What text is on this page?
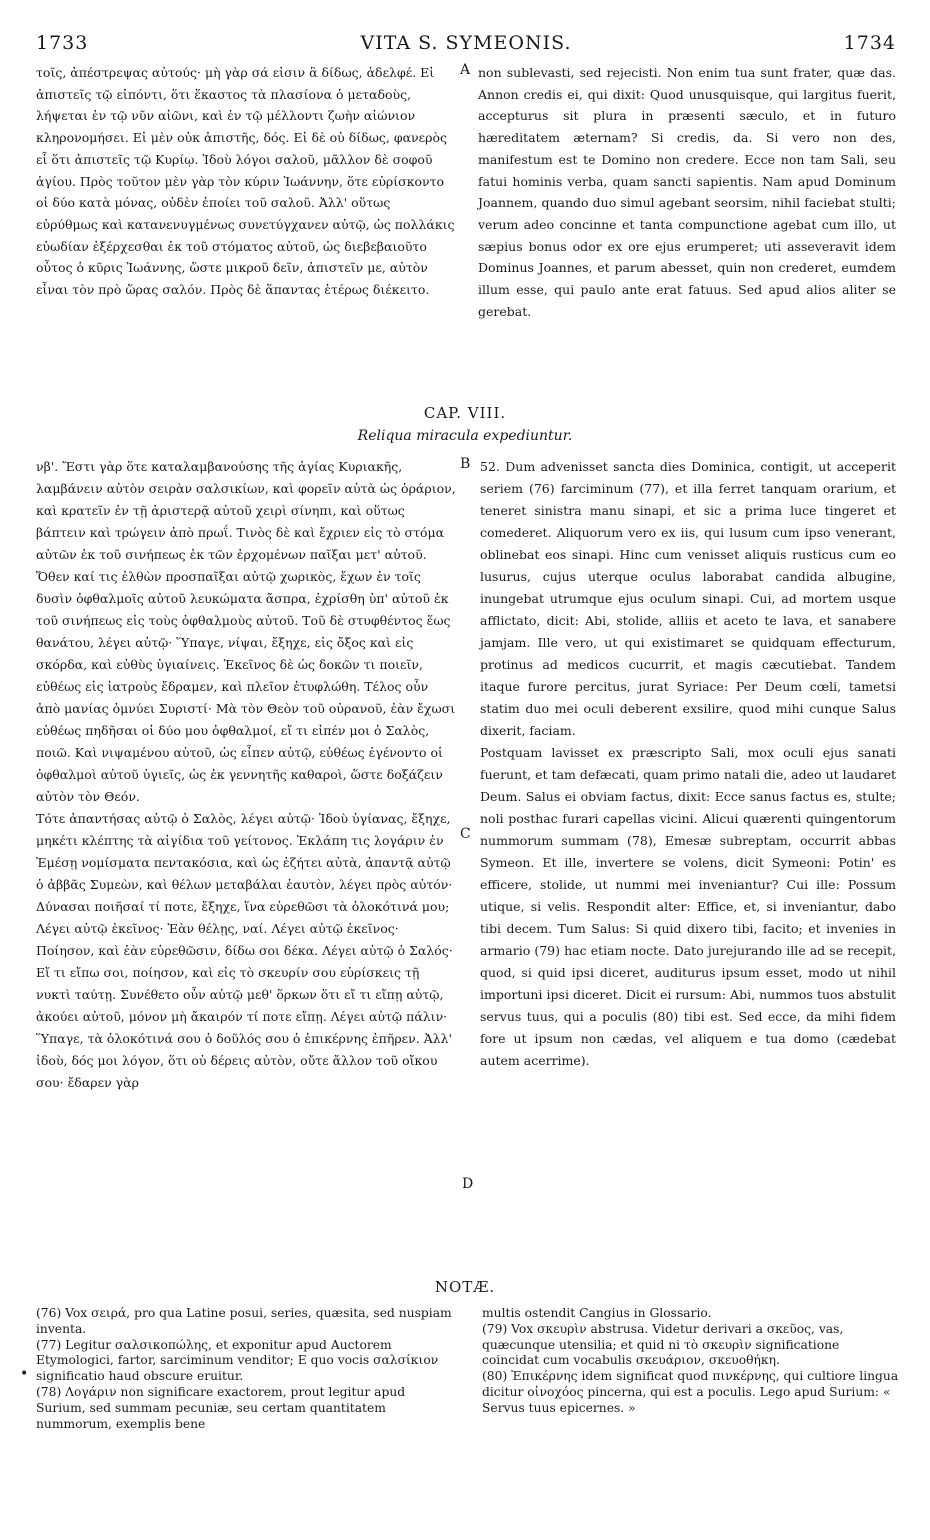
1733	VITA S. SYMEONIS.	1734

τοῖς, ἀπέστρεψας αὐτούς· μὴ γὰρ σά εἰσιν ἃ δίδως, ἀδελφέ. Εἰ ἀπιστεῖς τῷ εἰπόντι, ὅτι ἕκαστος τὰ πλασίονα ὁ μεταδοὺς, λήψεται ἐν τῷ νῦν αἰῶνι, καὶ ἐν τῷ μέλλοντι ζωὴν αἰώνιον κληρονομήσει. Εἰ μὲν οὐκ ἀπιστῆς, δός. Εἰ δὲ οὐ δίδως, φανερὸς εἶ ὅτι ἀπιστεῖς τῷ Κυρίῳ. Ἰδοὺ λόγοι σαλοῦ, μᾶλλον δὲ σοφοῦ ἁγίου. Πρὸς τοῦτον μὲν γὰρ τὸν κύριν Ἰωάννην, ὅτε εὑρίσκοντο οἱ δύο κατὰ μόνας, οὐδὲν ἐποίει τοῦ σαλοῦ. Ἀλλ' οὕτως εὐρύθμως καὶ κατανενυγμένως συνετύγχανεν αὐτῷ, ὡς πολλάκις εὐωδίαν ἐξέρχεσθαι ἐκ τοῦ στόματος αὐτοῦ, ὡς διεβεβαιοῦτο οὗτος ὁ κῦρις Ἰωάννης, ὥστε μικροῦ δεῖν, ἀπιστεῖν με, αὐτὸν εἶναι τὸν πρὸ ὥρας σαλόν. Πρὸς δὲ ἅπαντας ἑτέρως διέκειτο.

A non sublevasti, sed rejecisti. Non enim tua sunt frater, quæ das. Annon credis ei, qui dixit: Quod unusquisque, qui largitus fuerit, accepturus sit plura in præsenti sæculo, et in futuro hæreditatem æternam? Si credis, da. Si vero non des, manifestum est te Domino non credere. Ecce non tam Sali, seu fatui hominis verba, quam sancti sapientis. Nam apud Dominum Joannem, quando duo simul agebant seorsim, nihil faciebat stulti; verum adeo concinne et tanta compunctione agebat cum illo, ut sæpius bonus odor ex ore ejus erumperet; uti asseveravit idem Dominus Joannes, et parum abesset, quin non crederet, eumdem illum esse, qui paulo ante erat fatuus. Sed apud alios aliter se gerebat.

CAP. VIII.
Reliqua miracula expediuntur.
B

νβ'. Ἔστι γὰρ ὅτε καταλαμβανούσης τῆς ἁγίας Κυριακῆς, λαμβάνειν αὐτὸν σειρὰν σαλσικίων, καὶ φορεῖν αὐτὰ ὡς ὁράριον, καὶ κρατεῖν ἐν τῇ ἀριστερᾷ αὐτοῦ χειρὶ σίνηπι, καὶ οὕτως βάπτειν καὶ τρώγειν ἀπὸ πρωΐ. Τινὸς δὲ καὶ ἔχριεν εἰς τὸ στόμα αὐτῶν ἐκ τοῦ σινήπεως ἐκ τῶν ἐρχομένων παῖξαι μετ' αὐτοῦ. Ὅθεν καί τις ἐλθὼν προσπαῖξαι αὐτῷ χωρικὸς, ἔχων ἐν τοῖς δυσὶν ὀφθαλμοῖς αὐτοῦ λευκώματα ἄσπρα, ἐχρίσθη ὑπ' αὐτοῦ ἐκ τοῦ σινήπεως εἰς τοὺς ὀφθαλμοὺς αὐτοῦ. Τοῦ δὲ στυφθέντος ἕως θανάτου, λέγει αὐτῷ· Ὕπαγε, νίψαι, ἔξηχε, εἰς ὄξος καὶ εἰς σκόρδα, καὶ εὐθὺς ὑγιαίνεις. Ἐκεῖνος δὲ ὡς δοκῶν τι ποιεῖν, εὐθέως εἰς ἰατροὺς ἔδραμεν, καὶ πλεῖον ἐτυφλώθη. Τέλος οὖν ἀπὸ μανίας ὀμνύει Συριστί· Μὰ τὸν Θεὸν τοῦ οὐρανοῦ, ἐὰν ἔχωσι εὐθέως πηδῆσαι οἱ δύο μου ὀφθαλμοί, εἴ τι εἰπέν μοι ὁ Σαλὸς, ποιῶ. Καὶ νιψαμένου αὐτοῦ, ὡς εἶπεν αὐτῷ, εὐθέως ἐγένοντο οἱ ὀφθαλμοὶ αὐτοῦ ὑγιεῖς, ὡς ἐκ γεννητῆς καθαροὶ, ὥστε δοξάζειν αὐτὸν τὸν Θεόν.

Τότε ἀπαντήσας αὐτῷ ὁ Σαλὸς, λέγει αὐτῷ· Ἰδοὺ ὑγίανας, ἔξηχε, μηκέτι κλέπτης τὰ αἰγίδια τοῦ γείτονος. Ἐκλάπη τις λογάριν ἐν Ἐμέσῃ νομίσματα πεντακόσια, καὶ ὡς ἐζήτει αὐτὰ, ἀπαντᾷ αὐτῷ ὁ ἀββᾶς Συμεὼν, καὶ θέλων μεταβάλαι ἑαυτὸν, λέγει πρὸς αὐτόν· Δύνασαι ποιῆσαί τί ποτε, ἔξηχε, ἵνα εὑρεθῶσι τὰ ὁλοκότινά μου; Λέγει αὐτῷ ἐκεῖνος· Ἐὰν θέλῃς, ναί. Λέγει αὐτῷ ἐκεῖνος· Ποίησον, καὶ ἐὰν εὑρεθῶσιν, δίδω σοι δέκα. Λέγει αὐτῷ ὁ Σαλός· Εἴ τι εἴπω σοι, ποίησον, καὶ εἰς τὸ σκευρίν σου εὑρίσκεις τῇ νυκτὶ ταύτῃ. Συνέθετο οὖν αὐτῷ μεθ' ὅρκων ὅτι εἴ τι εἴπῃ αὐτῷ, ἀκούει αὐτοῦ, μόνον μὴ ἄκαιρόν τί ποτε εἴπῃ. Λέγει αὐτῷ πάλιν· Ὕπαγε, τὰ ὁλοκότινά σου ὁ δοῦλός σου ὁ ἐπικέρνης ἐπῆρεν. Ἀλλ' ἰδοὺ, δός μοι λόγον, ὅτι οὐ δέρεις αὐτὸν, οὔτε ἄλλον τοῦ οἴκου σου· ἔδαρεν γὰρ

C
D

52. Dum advenisset sancta dies Dominica, contigit, ut acceperit seriem (76) farciminum (77), et illa ferret tanquam orarium, et teneret sinistra manu sinapi, et sic a prima luce tingeret et comederet. Aliquorum vero ex iis, qui lusum cum ipso venerant, oblinebat eos sinapi. Hinc cum venisset aliquis rusticus cum eo lusurus, cujus uterque oculus laborabat candida albugine, inungebat utrumque ejus oculum sinapi. Cui, ad mortem usque afflictato, dicit: Abi, stolide, alliis et aceto te lava, et sanabere jamjam. Ille vero, ut qui existimaret se quidquam effecturum, protinus ad medicos cucurrit, et magis cæcutiebat. Tandem itaque furore percitus, jurat Syriace: Per Deum cœli, tametsi statim duo mei oculi deberent exsilire, quod mihi cunque Salus dixerit, faciam.

Postquam lavisset ex præscripto Sali, mox oculi ejus sanati fuerunt, et tam defæcati, quam primo natali die, adeo ut laudaret Deum. Salus ei obviam factus, dixit: Ecce sanus factus es, stulte; noli posthac furari capellas vicini. Alicui quærenti quingentorum nummorum summam (78), Emesæ subreptam, occurrit abbas Symeon. Et ille, invertere se volens, dicit Symeoni: Potin' es efficere, stolide, ut nummi mei inveniantur? Cui ille: Possum utique, si velis. Respondit alter: Effice, et, si inveniantur, dabo tibi decem. Tum Salus: Si quid dixero tibi, facito; et invenies in armario (79) hac etiam nocte. Dato jurejurando ille ad se recepit, quod, si quid ipsi diceret, auditurus ipsum esset, modo ut nihil importuni ipsi diceret. Dicit ei rursum: Abi, nummos tuos abstulit servus tuus, qui a poculis (80) tibi est. Sed ecce, da mihi fidem fore ut ipsum non cædas, vel aliquem e tua domo (cædebat autem acerrime).

NOTÆ.
•

(76) Vox σειρά, pro qua Latine posui, series, quæsita, sed nuspiam inventa.

(77) Legitur σαλσικοπώλης, et exponitur apud Auctorem Etymologici, fartor, sarciminum venditor; E quo vocis σαλσίκιον significatio haud obscure eruitur.

(78) Λογάριν non significare exactorem, prout legitur apud Surium, sed summam pecuniæ, seu certam quantitatem nummorum, exemplis bene

multis ostendit Cangius in Glossario.

(79) Vox σκευρὶν abstrusa. Videtur derivari a σκεῦος, vas, quæcunque utensilia; et quid ni τὸ σκευρὶν significatione coincidat cum vocabulis σκευάριον, σκευοθήκη.

(80) Ἐπικέρνης idem significat quod πινκέρνης, qui cultiore lingua dicitur οἰνοχόος pincerna, qui est a poculis. Lego apud Surium: « Servus tuus epicernes. »
